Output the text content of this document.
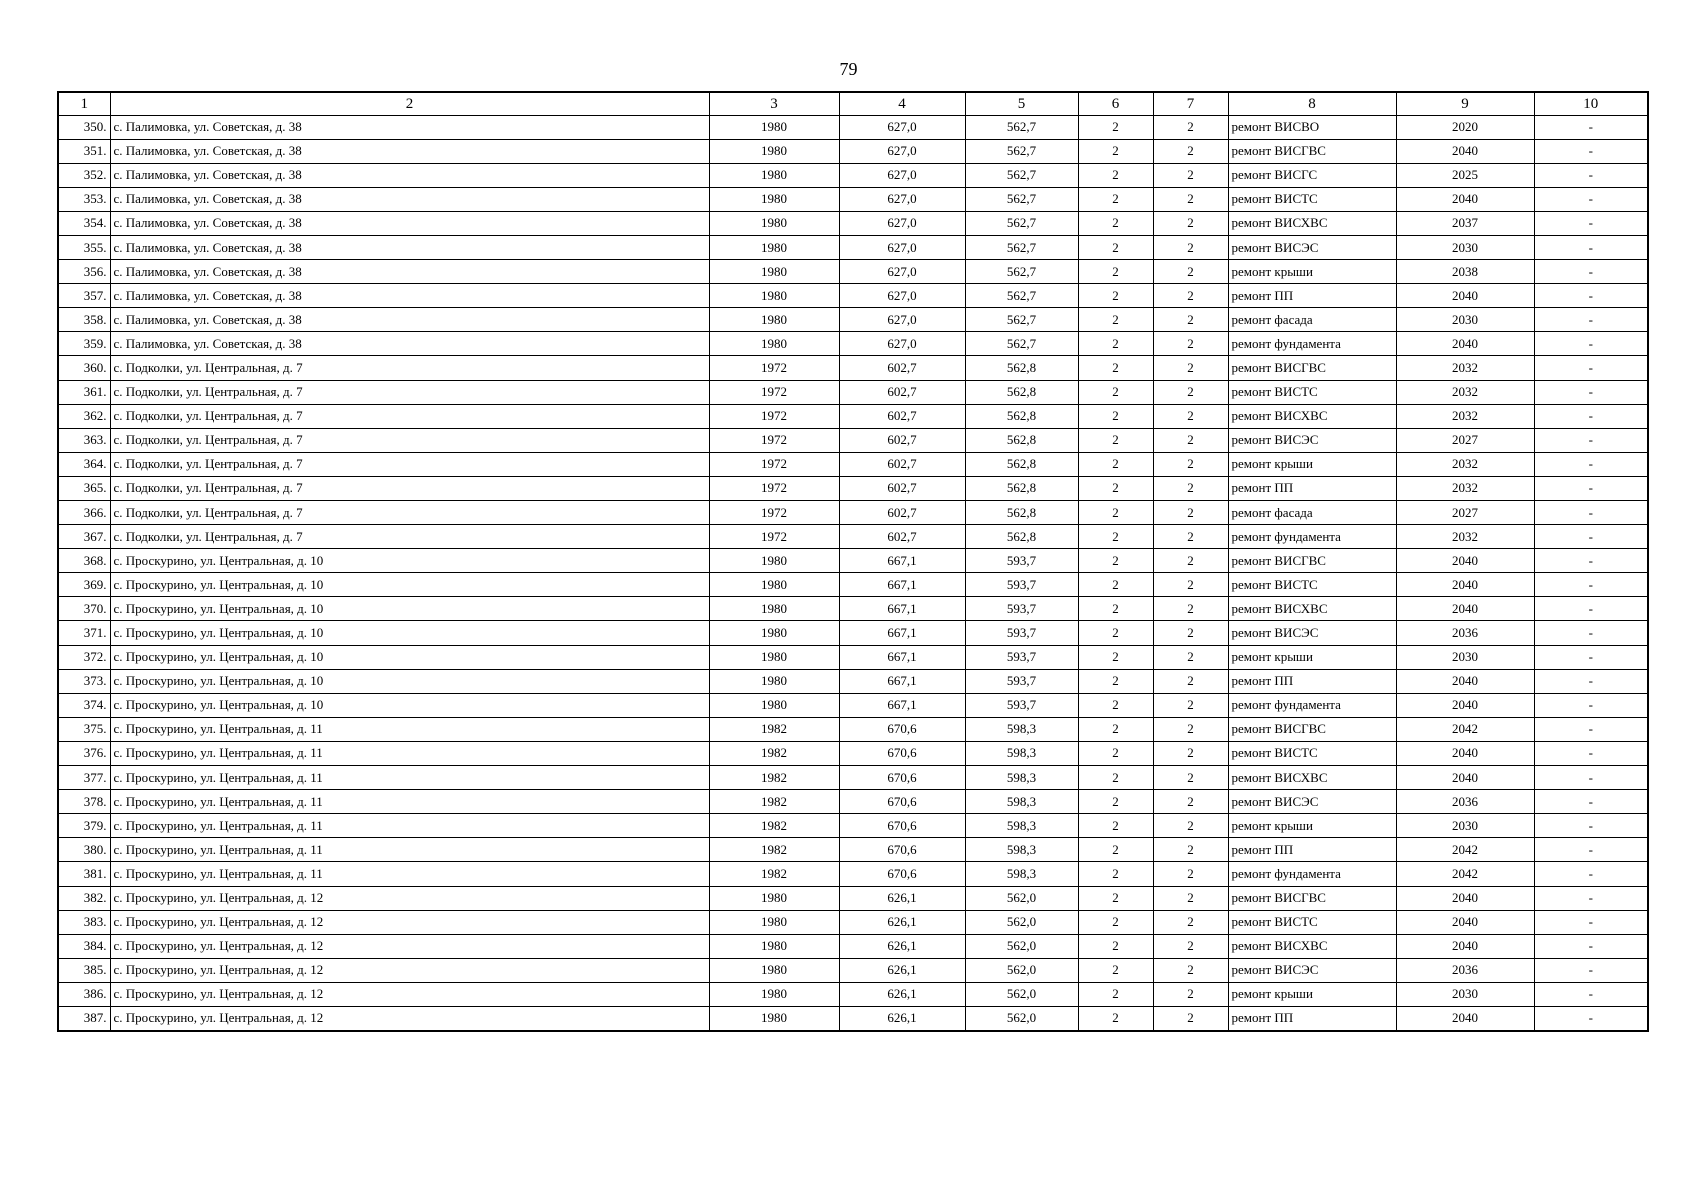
79
1	2	3	4	5	6	7	8	9	10
350.	с. Палимовка, ул. Советская, д. 38	1980	627,0	562,7	2	2	ремонт ВИСВО	2020	-
351.	с. Палимовка, ул. Советская, д. 38	1980	627,0	562,7	2	2	ремонт ВИСГВС	2040	-
352.	с. Палимовка, ул. Советская, д. 38	1980	627,0	562,7	2	2	ремонт ВИСГС	2025	-
353.	с. Палимовка, ул. Советская, д. 38	1980	627,0	562,7	2	2	ремонт ВИСТС	2040	-
354.	с. Палимовка, ул. Советская, д. 38	1980	627,0	562,7	2	2	ремонт ВИСХВС	2037	-
355.	с. Палимовка, ул. Советская, д. 38	1980	627,0	562,7	2	2	ремонт ВИСЭС	2030	-
356.	с. Палимовка, ул. Советская, д. 38	1980	627,0	562,7	2	2	ремонт крыши	2038	-
357.	с. Палимовка, ул. Советская, д. 38	1980	627,0	562,7	2	2	ремонт ПП	2040	-
358.	с. Палимовка, ул. Советская, д. 38	1980	627,0	562,7	2	2	ремонт фасада	2030	-
359.	с. Палимовка, ул. Советская, д. 38	1980	627,0	562,7	2	2	ремонт фундамента	2040	-
360.	с. Подколки, ул. Центральная, д. 7	1972	602,7	562,8	2	2	ремонт ВИСГВС	2032	-
361.	с. Подколки, ул. Центральная, д. 7	1972	602,7	562,8	2	2	ремонт ВИСТС	2032	-
362.	с. Подколки, ул. Центральная, д. 7	1972	602,7	562,8	2	2	ремонт ВИСХВС	2032	-
363.	с. Подколки, ул. Центральная, д. 7	1972	602,7	562,8	2	2	ремонт ВИСЭС	2027	-
364.	с. Подколки, ул. Центральная, д. 7	1972	602,7	562,8	2	2	ремонт крыши	2032	-
365.	с. Подколки, ул. Центральная, д. 7	1972	602,7	562,8	2	2	ремонт ПП	2032	-
366.	с. Подколки, ул. Центральная, д. 7	1972	602,7	562,8	2	2	ремонт фасада	2027	-
367.	с. Подколки, ул. Центральная, д. 7	1972	602,7	562,8	2	2	ремонт фундамента	2032	-
368.	с. Проскурино, ул. Центральная, д. 10	1980	667,1	593,7	2	2	ремонт ВИСГВС	2040	-
369.	с. Проскурино, ул. Центральная, д. 10	1980	667,1	593,7	2	2	ремонт ВИСТС	2040	-
370.	с. Проскурино, ул. Центральная, д. 10	1980	667,1	593,7	2	2	ремонт ВИСХВС	2040	-
371.	с. Проскурино, ул. Центральная, д. 10	1980	667,1	593,7	2	2	ремонт ВИСЭС	2036	-
372.	с. Проскурино, ул. Центральная, д. 10	1980	667,1	593,7	2	2	ремонт крыши	2030	-
373.	с. Проскурино, ул. Центральная, д. 10	1980	667,1	593,7	2	2	ремонт ПП	2040	-
374.	с. Проскурино, ул. Центральная, д. 10	1980	667,1	593,7	2	2	ремонт фундамента	2040	-
375.	с. Проскурино, ул. Центральная, д. 11	1982	670,6	598,3	2	2	ремонт ВИСГВС	2042	-
376.	с. Проскурино, ул. Центральная, д. 11	1982	670,6	598,3	2	2	ремонт ВИСТС	2040	-
377.	с. Проскурино, ул. Центральная, д. 11	1982	670,6	598,3	2	2	ремонт ВИСХВС	2040	-
378.	с. Проскурино, ул. Центральная, д. 11	1982	670,6	598,3	2	2	ремонт ВИСЭС	2036	-
379.	с. Проскурино, ул. Центральная, д. 11	1982	670,6	598,3	2	2	ремонт крыши	2030	-
380.	с. Проскурино, ул. Центральная, д. 11	1982	670,6	598,3	2	2	ремонт ПП	2042	-
381.	с. Проскурино, ул. Центральная, д. 11	1982	670,6	598,3	2	2	ремонт фундамента	2042	-
382.	с. Проскурино, ул. Центральная, д. 12	1980	626,1	562,0	2	2	ремонт ВИСГВС	2040	-
383.	с. Проскурино, ул. Центральная, д. 12	1980	626,1	562,0	2	2	ремонт ВИСТС	2040	-
384.	с. Проскурино, ул. Центральная, д. 12	1980	626,1	562,0	2	2	ремонт ВИСХВС	2040	-
385.	с. Проскурино, ул. Центральная, д. 12	1980	626,1	562,0	2	2	ремонт ВИСЭС	2036	-
386.	с. Проскурино, ул. Центральная, д. 12	1980	626,1	562,0	2	2	ремонт крыши	2030	-
387.	с. Проскурино, ул. Центральная, д. 12	1980	626,1	562,0	2	2	ремонт ПП	2040	-
